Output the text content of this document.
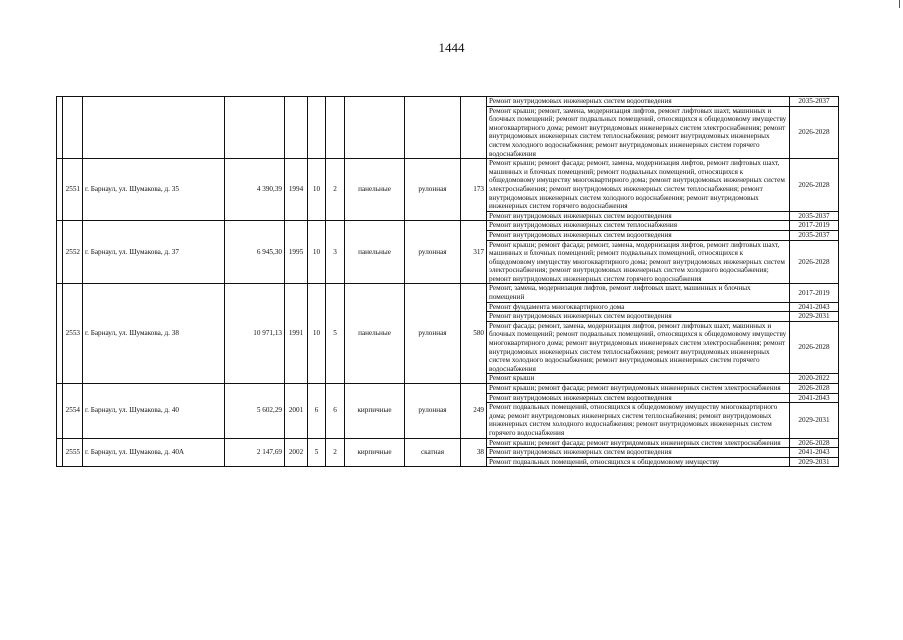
1444
										Ремонт внутридомовых инженерных систем водоотведения	2035-2037
										Ремонт крыши; ремонт, замена, модернизация лифтов, ремонт лифтовых шахт, машинных и блочных помещений; ремонт подвальных помещений, относящихся к общедомовому имуществу многоквартирного дома; ремонт внутридомовых инженерных систем электроснабжения; ремонт внутридомовых инженерных систем теплоснабжения; ремонт внутридомовых инженерных систем холодного водоснабжения; ремонт внутридомовых инженерных систем горячего водоснабжения	2026-2028
	2551	г. Барнаул, ул. Шумакова, д. 35	4 390,39	1994	10	2	панельные	рулонная	173	Ремонт крыши; ремонт фасада; ремонт, замена, модернизация лифтов, ремонт лифтовых шахт, машинных и блочных помещений; ремонт подвальных помещений, относящихся к общедомовому имуществу многоквартирного дома; ремонт внутридомовых инженерных систем электроснабжения; ремонт внутридомовых инженерных систем теплоснабжения; ремонт внутридомовых инженерных систем холодного водоснабжения; ремонт внутридомовых инженерных систем горячего водоснабжения	2026-2028
										Ремонт внутридомовых инженерных систем водоотведения	2035-2037
	2552	г. Барнаул, ул. Шумакова, д. 37	6 945,30	1995	10	3	панельные	рулонная	317	Ремонт внутридомовых инженерных систем теплоснабжения	2017-2019
										Ремонт внутридомовых инженерных систем водоотведения	2035-2037
										Ремонт крыши; ремонт фасада; ремонт, замена, модернизация лифтов, ремонт лифтовых шахт, машинных и блочных помещений; ремонт подвальных помещений, относящихся к общедомовому имуществу многоквартирного дома; ремонт внутридомовых инженерных систем электроснабжения; ремонт внутридомовых инженерных систем холодного водоснабжения; ремонт внутридомовых инженерных систем горячего водоснабжения	2026-2028
	2553	г. Барнаул, ул. Шумакова, д. 38	10 971,13	1991	10	5	панельные	рулонная	580	Ремонт, замена, модернизация лифтов, ремонт лифтовых шахт, машинных и блочных помещений	2017-2019
										Ремонт фундамента многоквартирного дома	2041-2043
										Ремонт внутридомовых инженерных систем водоотведения	2029-2031
										Ремонт фасада; ремонт, замена, модернизация лифтов, ремонт лифтовых шахт, машинных и блочных помещений; ремонт подвальных помещений, относящихся к общедомовому имуществу многоквартирного дома; ремонт внутридомовых инженерных систем электроснабжения; ремонт внутридомовых инженерных систем теплоснабжения; ремонт внутридомовых инженерных систем холодного водоснабжения; ремонт внутридомовых инженерных систем горячего водоснабжения	2026-2028
										Ремонт крыши	2020-2022
	2554	г. Барнаул, ул. Шумакова, д. 40	5 602,29	2001	6	6	кирпичные	рулонная	249	Ремонт крыши; ремонт фасада; ремонт внутридомовых инженерных систем электроснабжения	2026-2028
										Ремонт внутридомовых инженерных систем водоотведения	2041-2043
										Ремонт подвальных помещений, относящихся к общедомовому имуществу многоквартирного дома; ремонт внутридомовых инженерных систем теплоснабжения; ремонт внутридомовых инженерных систем холодного водоснабжения; ремонт внутридомовых инженерных систем горячего водоснабжения	2029-2031
	2555	г. Барнаул, ул. Шумакова, д. 40А	2 147,69	2002	5	2	кирпичные	скатная	38	Ремонт крыши; ремонт фасада; ремонт внутридомовых инженерных систем электроснабжения	2026-2028
										Ремонт внутридомовых инженерных систем водоотведения	2041-2043
										Ремонт подвальных помещений, относящихся к общедомовому имуществу	2029-2031
